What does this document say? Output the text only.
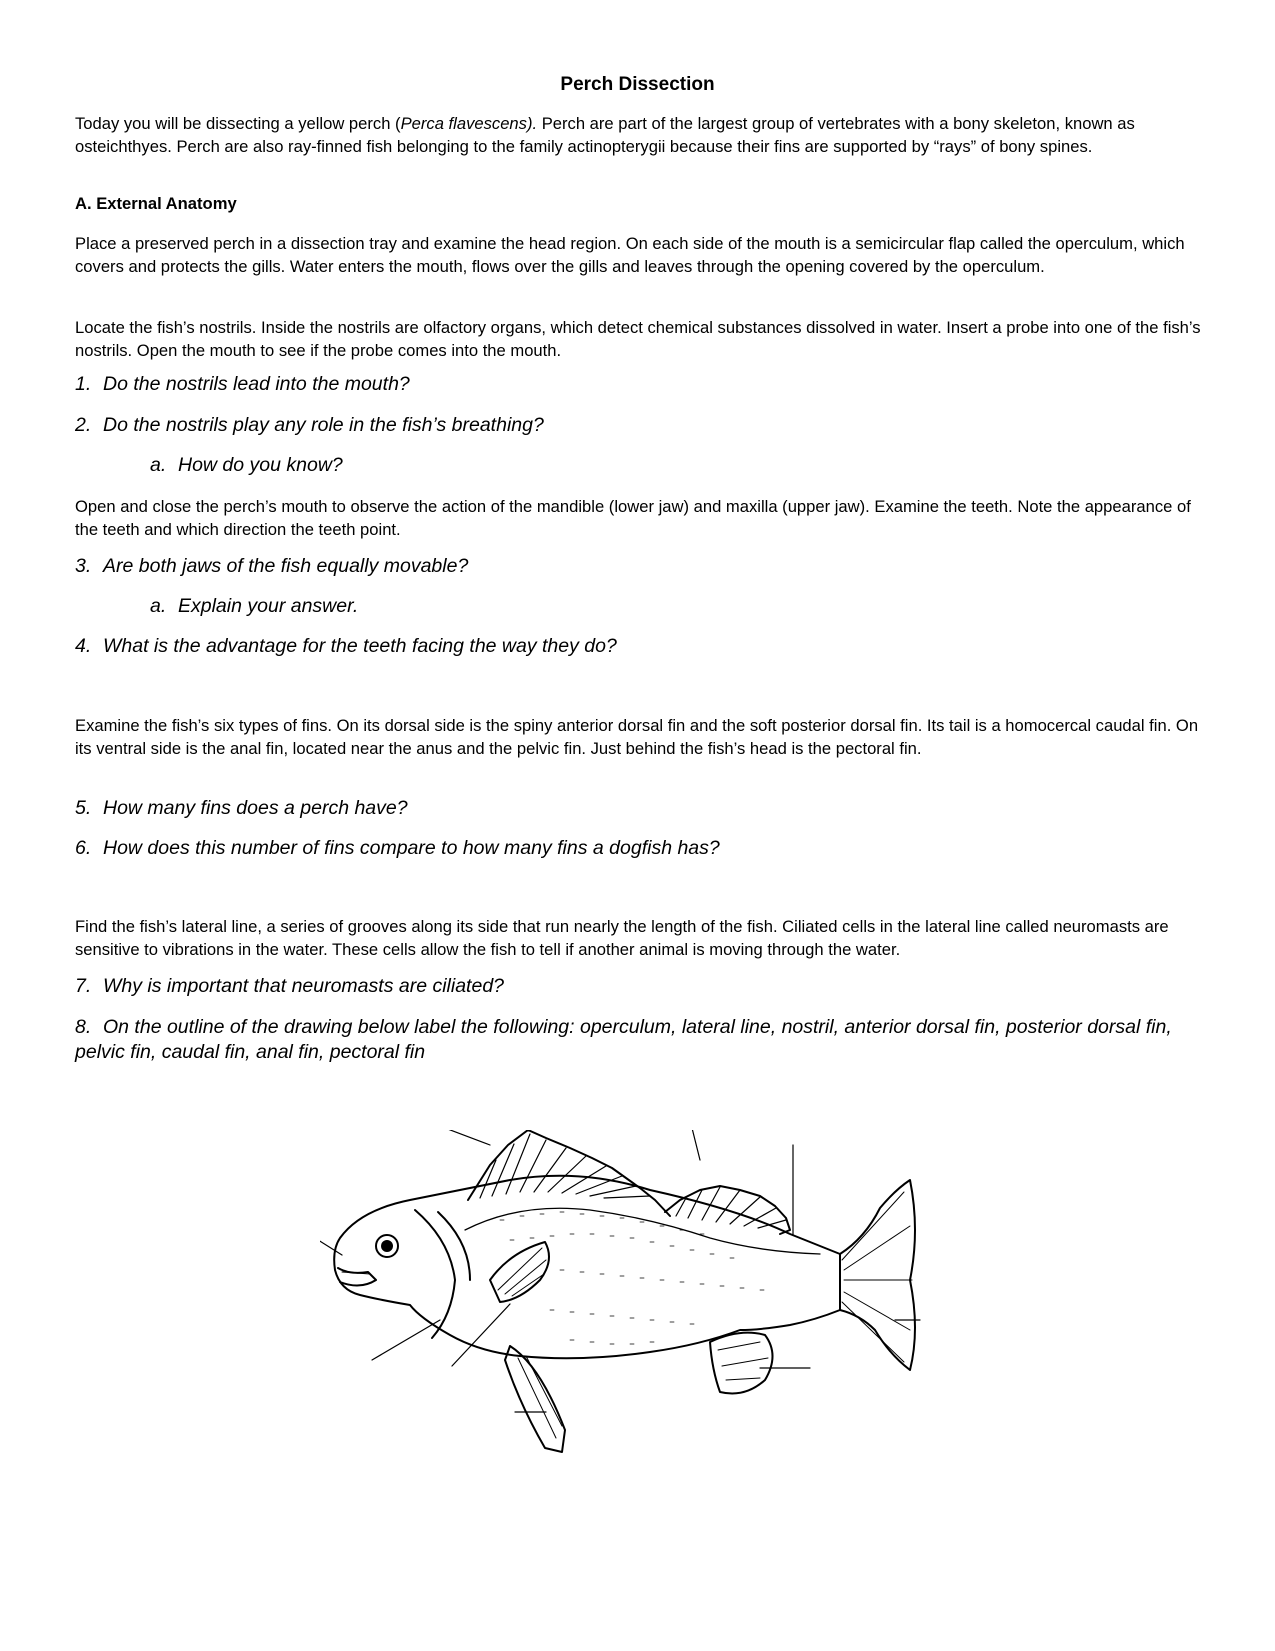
Perch Dissection

Today you will be dissecting a yellow perch (Perca flavescens). Perch are part of the largest group of vertebrates with a bony skeleton, known as osteichthyes. Perch are also ray-finned fish belonging to the family actinopterygii because their fins are supported by “rays” of bony spines.

A. External Anatomy

Place a preserved perch in a dissection tray and examine the head region. On each side of the mouth is a semicircular flap called the operculum, which covers and protects the gills. Water enters the mouth, flows over the gills and leaves through the opening covered by the operculum.

Locate the fish’s nostrils. Inside the nostrils are olfactory organs, which detect chemical substances dissolved in water. Insert a probe into one of the fish’s nostrils. Open the mouth to see if the probe comes into the mouth.

1. Do the nostrils lead into the mouth?
2. Do the nostrils play any role in the fish’s breathing?
a. How do you know?

Open and close the perch’s mouth to observe the action of the mandible (lower jaw) and maxilla (upper jaw). Examine the teeth. Note the appearance of the teeth and which direction the teeth point.

3. Are both jaws of the fish equally movable?
a. Explain your answer.
4. What is the advantage for the teeth facing the way they do?

Examine the fish’s six types of fins. On its dorsal side is the spiny anterior dorsal fin and the soft posterior dorsal fin. Its tail is a homocercal caudal fin. On its ventral side is the anal fin, located near the anus and the pelvic fin. Just behind the fish’s head is the pectoral fin.

5. How many fins does a perch have?
6. How does this number of fins compare to how many fins a dogfish has?

Find the fish’s lateral line, a series of grooves along its side that run nearly the length of the fish. Ciliated cells in the lateral line called neuromasts are sensitive to vibrations in the water. These cells allow the fish to tell if another animal is moving through the water.

7. Why is important that neuromasts are ciliated?
8. On the outline of the drawing below label the following: operculum, lateral line, nostril, anterior dorsal fin, posterior dorsal fin, pelvic fin, caudal fin, anal fin, pectoral fin
